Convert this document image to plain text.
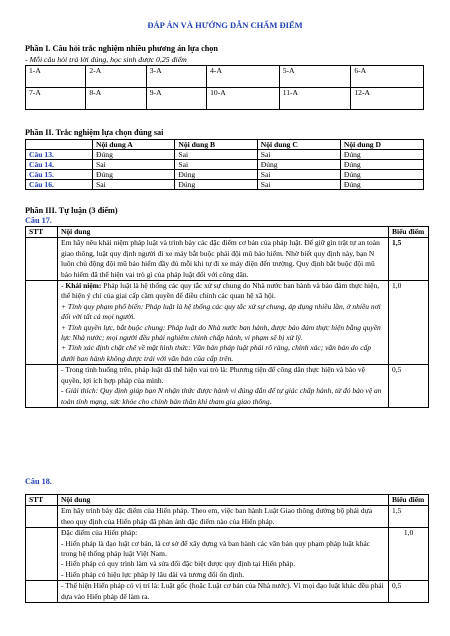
ĐÁP ÁN VÀ HƯỚNG DẪN CHẤM ĐIỂM
Phần I. Câu hỏi trắc nghiệm nhiều phương án lựa chọn
- Mỗi câu hỏi trả lời đúng, học sinh được 0,25 điểm
1-A	2-A	3-A	4-A	5-A	6-A
7-A	8-A	9-A	10-A	11-A	12-A
Phần II. Trắc nghiệm lựa chọn đúng sai
	Nội dung A	Nội dung B	Nội dung C	Nội dung D
Câu 13.	Đúng	Sai	Sai	Đúng
Câu 14.	Sai	Sai	Đúng	Đúng
Câu 15.	Đúng	Đúng	Sai	Đúng
Câu 16.	Sai	Đúng	Sai	Đúng
Phần III. Tự luận (3 điểm)
Câu 17.
STT	Nội dung	Biểu điểm
	Em hãy nêu khái niệm pháp luật và trình bày các đặc điểm cơ bản của pháp luật. Để giữ gìn trật tự an toàn giao thông, luật quy định người đi xe máy bắt buộc phải đội mũ bảo hiểm. Nhờ biết quy định này, bạn N luôn chủ động đội mũ bảo hiểm đầy đủ mỗi khi tự đi xe máy điện đến trường. Quy định bắt buộc đội mũ bảo hiểm đã thể hiện vai trò gì của pháp luật đối với công dân.	1,5

	- Khái niệm: Pháp luật là hệ thống các quy tắc xử sự chung do Nhà nước ban hành và bảo đảm thực hiện, thể hiện ý chí của giai cấp cầm quyền để điều chỉnh các quan hệ xã hội.
+ Tính quy phạm phổ biến: Pháp luật là hệ thống các quy tắc xử sự chung, áp dụng nhiều lần, ở nhiều nơi đối với tất cả mọi người.
+ Tính quyền lực, bắt buộc chung: Pháp luật do Nhà nước ban hành, được bảo đảm thực hiện bằng quyền lực Nhà nước; mọi người đều phải nghiêm chỉnh chấp hành, vi phạm sẽ bị xử lý.
+ Tính xác định chặt chẽ về mặt hình thức: Văn bản pháp luật phải rõ ràng, chính xác; văn bản do cấp dưới ban hành không được trái với văn bản của cấp trên.	1,0

	- Trong tình huống trên, pháp luật đã thể hiện vai trò là: Phương tiện để công dân thực hiện và bảo vệ quyền, lợi ích hợp pháp của mình.
- Giải thích: Quy định giúp bạn N nhận thức được hành vi đúng đắn để tự giác chấp hành, từ đó bảo vệ an toàn tính mạng, sức khỏe cho chính bản thân khi tham gia giao thông.	0,5
Câu 18.
STT	Nội dung	Biểu điểm
	Em hãy trình bày đặc điểm của Hiến pháp. Theo em, việc ban hành Luật Giao thông đường bộ phải dựa theo quy định của Hiến pháp đã phản ánh đặc điểm nào của Hiến pháp.	1,5

	Đặc điểm của Hiến pháp:
- Hiến pháp là đạo luật cơ bản, là cơ sở để xây dựng và ban hành các văn bản quy phạm pháp luật khác trong hệ thống pháp luật Việt Nam.
- Hiến pháp có quy trình làm và sửa đổi đặc biệt được quy định tại Hiến pháp.
- Hiến pháp có hiệu lực pháp lý lâu dài và tương đối ổn định.	1,0
	- Thể hiện Hiến pháp có vị trí là: Luật gốc (hoặc Luật cơ bản của Nhà nước). Vì mọi đạo luật khác đều phải dựa vào Hiến pháp để làm ra.	0,5
